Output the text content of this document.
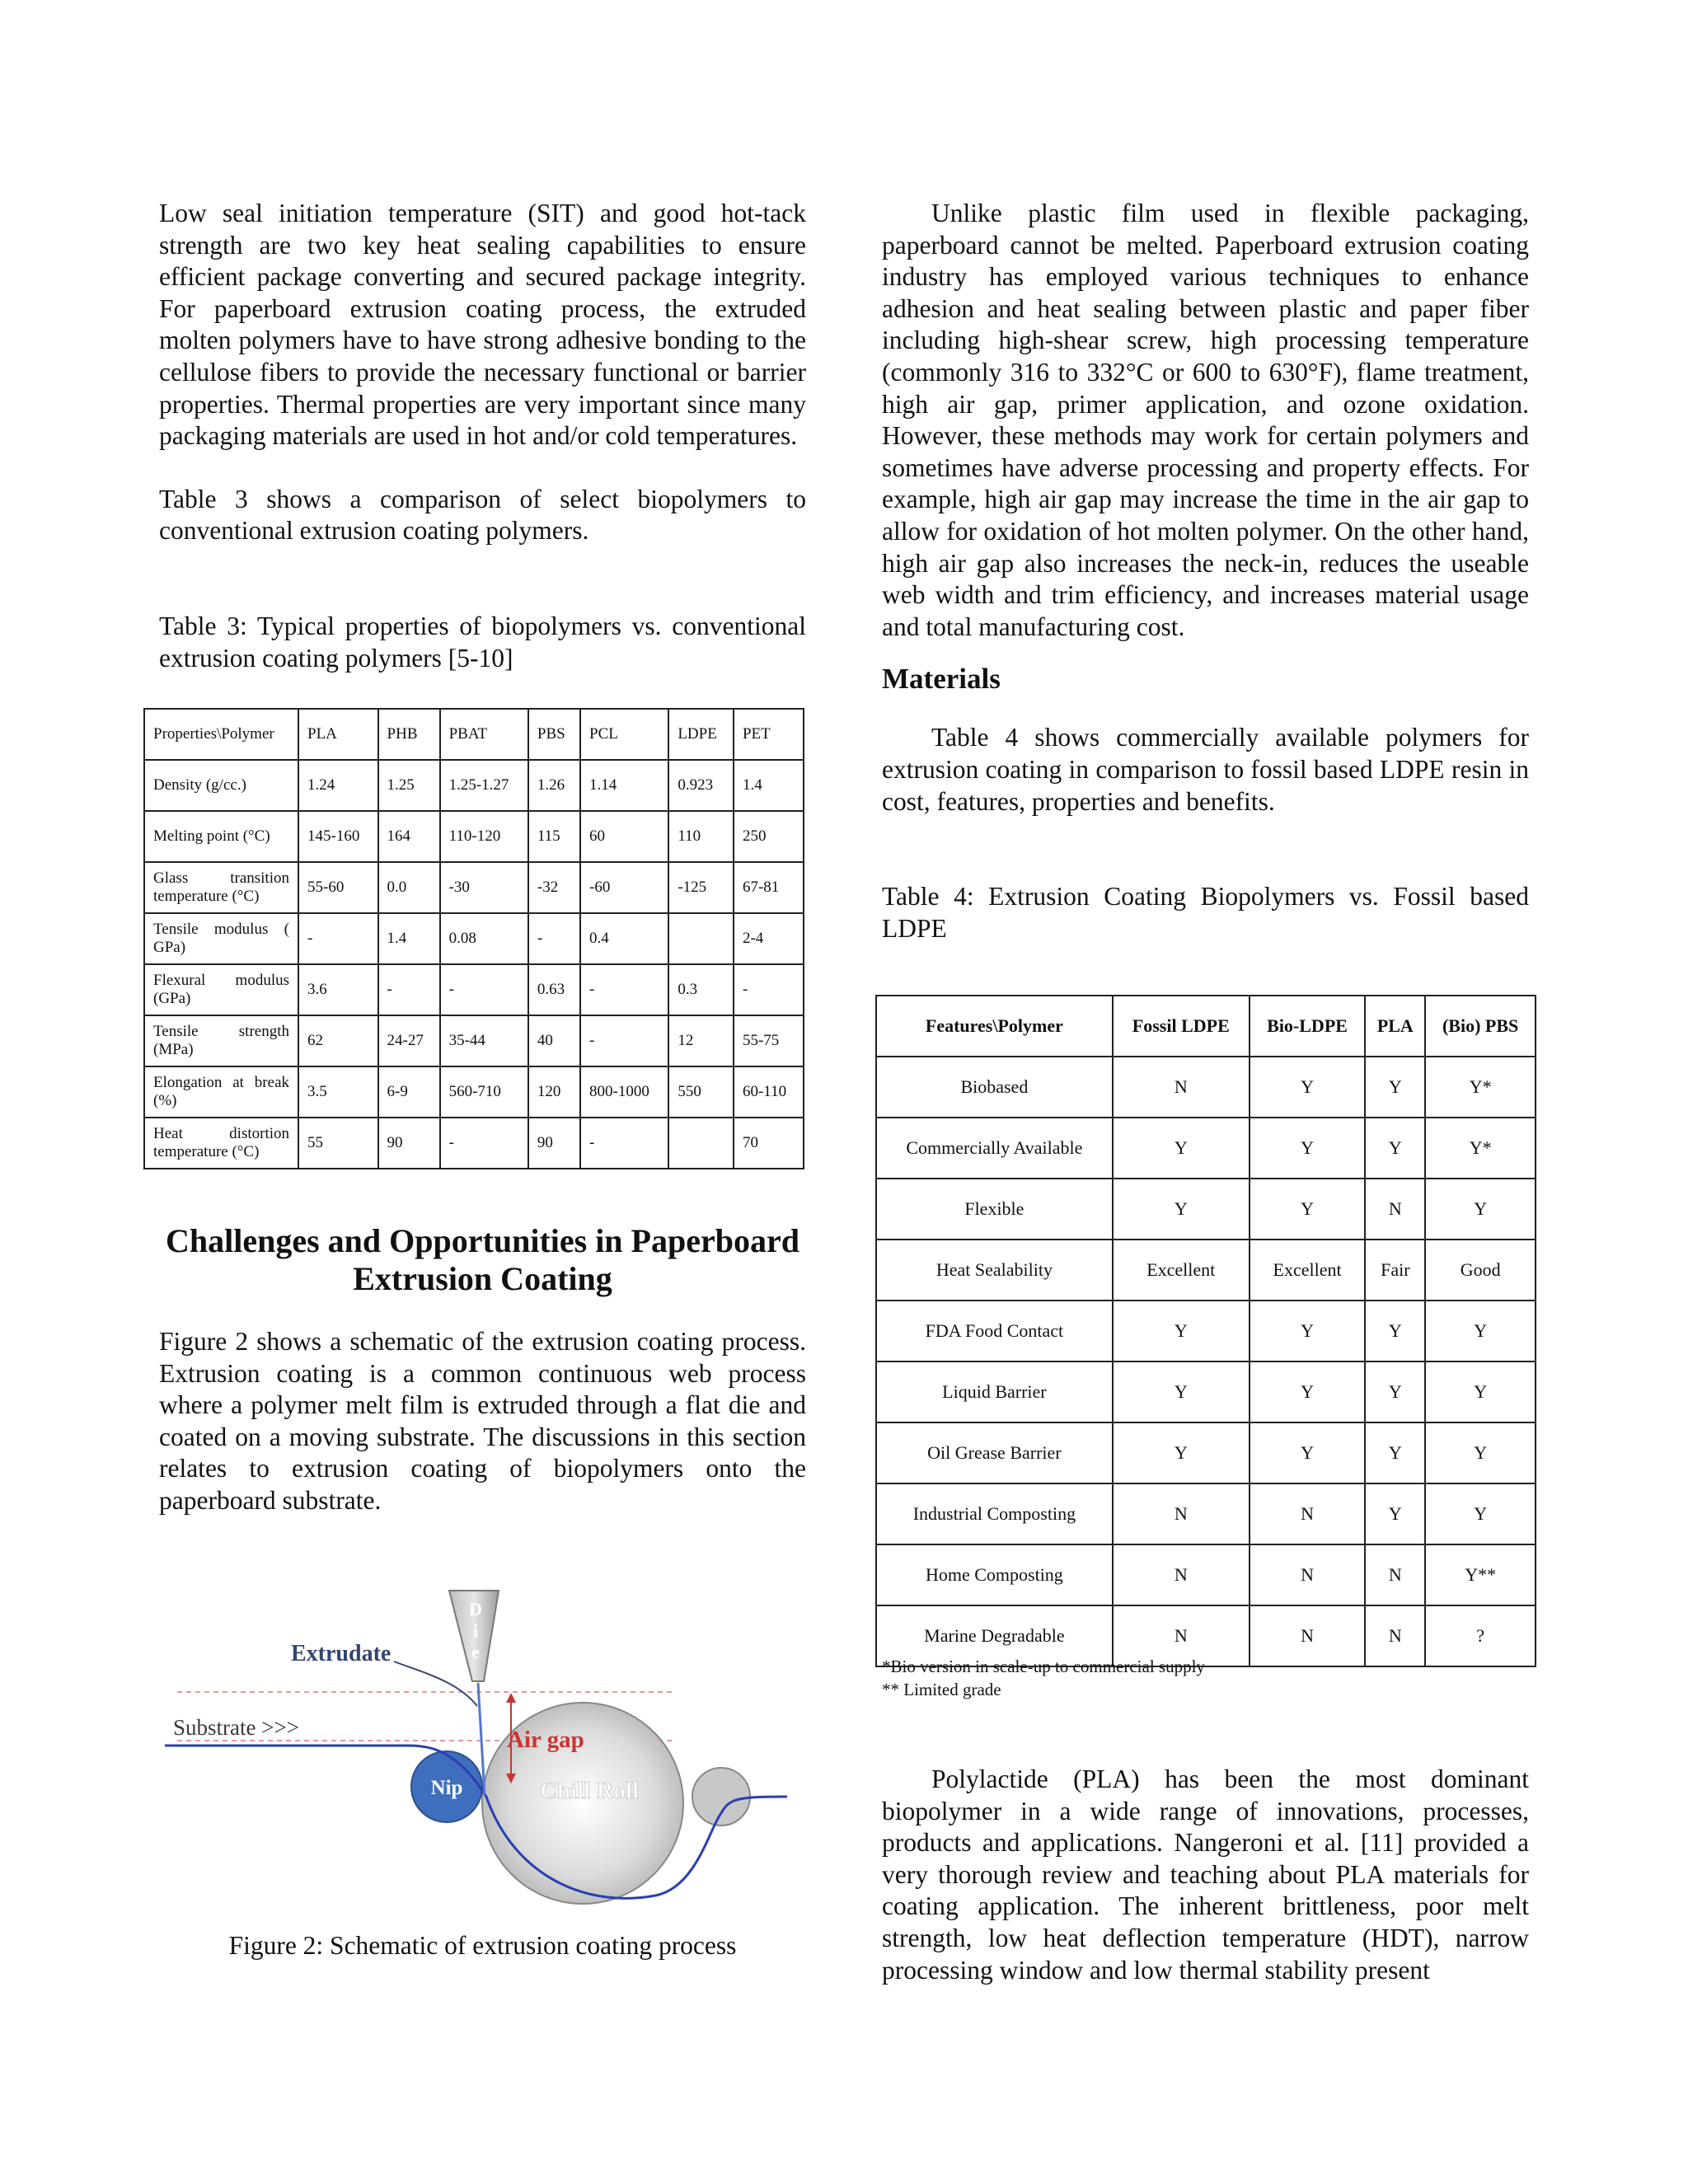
Low seal initiation temperature (SIT) and good hot-tack strength are two key heat sealing capabilities to ensure efficient package converting and secured package integrity. For paperboard extrusion coating process, the extruded molten polymers have to have strong adhesive bonding to the cellulose fibers to provide the necessary functional or barrier properties. Thermal properties are very important since many packaging materials are used in hot and/or cold temperatures.

Table 3 shows a comparison of select biopolymers to conventional extrusion coating polymers.

Table 3: Typical properties of biopolymers vs. conventional extrusion coating polymers [5-10]

Properties\Polymer	PLA	PHB	PBAT	PBS	PCL	LDPE	PET
Density (g/cc.)	1.24	1.25	1.25-1.27	1.26	1.14	0.923	1.4
Melting point (°C)	145-160	164	110-120	115	60	110	250
Glass transition temperature (°C)	55-60	0.0	-30	-32	-60	-125	67-81
Tensile modulus ( GPa)	-	1.4	0.08	-	0.4		2-4
Flexural modulus (GPa)	3.6	-	-	0.63	-	0.3	-
Tensile strength (MPa)	62	24-27	35-44	40	-	12	55-75
Elongation at break (%)	3.5	6-9	560-710	120	800-1000	550	60-110
Heat distortion temperature (°C)	55	90	-	90	-		70
Challenges and Opportunities in Paperboard Extrusion Coating

Figure 2 shows a schematic of the extrusion coating process. Extrusion coating is a common continuous web process where a polymer melt film is extruded through a flat die and coated on a moving substrate. The discussions in this section relates to extrusion coating of biopolymers onto the paperboard substrate.

D
i
e
Extrudate
Substrate >>>	Air gap
Nip	Chill Roll
Figure 2: Schematic of extrusion coating process

Unlike plastic film used in flexible packaging, paperboard cannot be melted. Paperboard extrusion coating industry has employed various techniques to enhance adhesion and heat sealing between plastic and paper fiber including high-shear screw, high processing temperature (commonly 316 to 332°C or 600 to 630°F), flame treatment, high air gap, primer application, and ozone oxidation. However, these methods may work for certain polymers and sometimes have adverse processing and property effects. For example, high air gap may increase the time in the air gap to allow for oxidation of hot molten polymer. On the other hand, high air gap also increases the neck-in, reduces the useable web width and trim efficiency, and increases material usage and total manufacturing cost.

Materials

Table 4 shows commercially available polymers for extrusion coating in comparison to fossil based LDPE resin in cost, features, properties and benefits.

Table 4: Extrusion Coating Biopolymers vs. Fossil based LDPE

Features\Polymer	Fossil LDPE	Bio-LDPE	PLA	(Bio) PBS
Biobased	N	Y	Y	Y*
Commercially Available	Y	Y	Y	Y*
Flexible	Y	Y	N	Y
Heat Sealability	Excellent	Excellent	Fair	Good
FDA Food Contact	Y	Y	Y	Y
Liquid Barrier	Y	Y	Y	Y
Oil Grease Barrier	Y	Y	Y	Y
Industrial Composting	N	N	Y	Y
Home Composting	N	N	N	Y**
Marine Degradable	N	N	N	?
*Bio version in scale-up to commercial supply
** Limited grade

Polylactide (PLA) has been the most dominant biopolymer in a wide range of innovations, processes, products and applications. Nangeroni et al. [11] provided a very thorough review and teaching about PLA materials for coating application. The inherent brittleness, poor melt strength, low heat deflection temperature (HDT), narrow processing window and low thermal stability present
